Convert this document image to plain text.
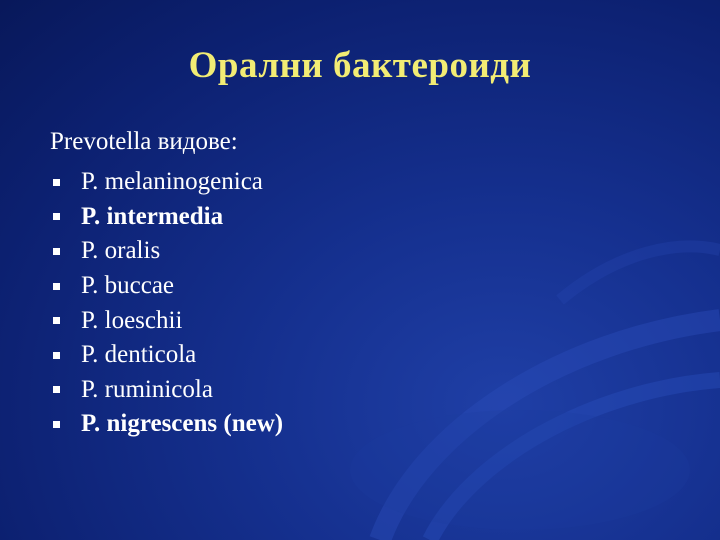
Орални бактероиди
Prevotella видове:
P. melaninogenica
P. intermedia
P. oralis
P. buccae
P. loeschii
P. denticola
P. ruminicola
P. nigrescens (new)
